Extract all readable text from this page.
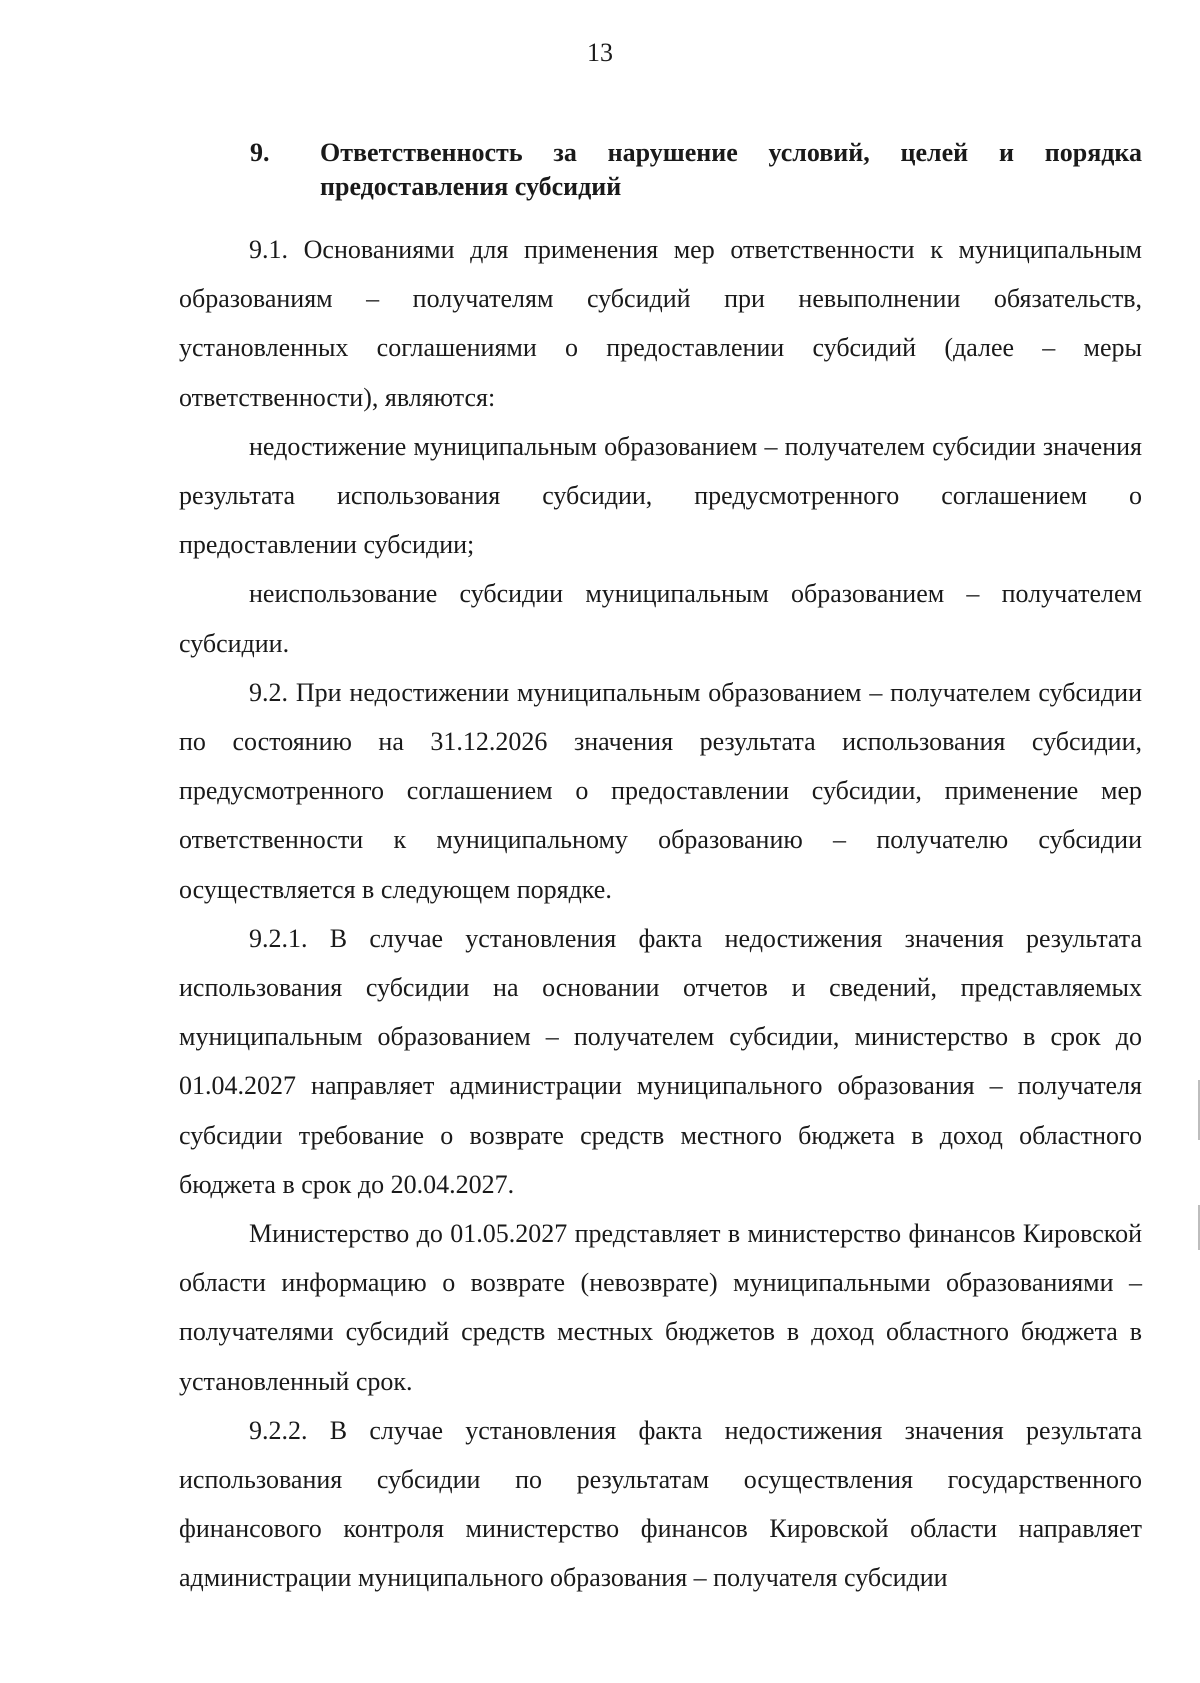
13
9. Ответственность за нарушение условий, целей и порядка предоставления субсидий

9.1. Основаниями для применения мер ответственности к муниципальным образованиям – получателям субсидий при невыполнении обязательств, установленных соглашениями о предоставлении субсидий (далее – меры ответственности), являются:

недостижение муниципальным образованием – получателем субсидии значения результата использования субсидии, предусмотренного соглашением о предоставлении субсидии;

неиспользование субсидии муниципальным образованием – получателем субсидии.

9.2. При недостижении муниципальным образованием – получателем субсидии по состоянию на 31.12.2026 значения результата использования субсидии, предусмотренного соглашением о предоставлении субсидии, применение мер ответственности к муниципальному образованию – получателю субсидии осуществляется в следующем порядке.

9.2.1. В случае установления факта недостижения значения результата использования субсидии на основании отчетов и сведений, представляемых муниципальным образованием – получателем субсидии, министерство в срок до 01.04.2027 направляет администрации муниципального образования – получателя субсидии требование о возврате средств местного бюджета в доход областного бюджета в срок до 20.04.2027.

Министерство до 01.05.2027 представляет в министерство финансов Кировской области информацию о возврате (невозврате) муниципальными образованиями – получателями субсидий средств местных бюджетов в доход областного бюджета в установленный срок.

9.2.2. В случае установления факта недостижения значения результата использования субсидии по результатам осуществления государственного финансового контроля министерство финансов Кировской области направляет администрации муниципального образования – получателя субсидии
